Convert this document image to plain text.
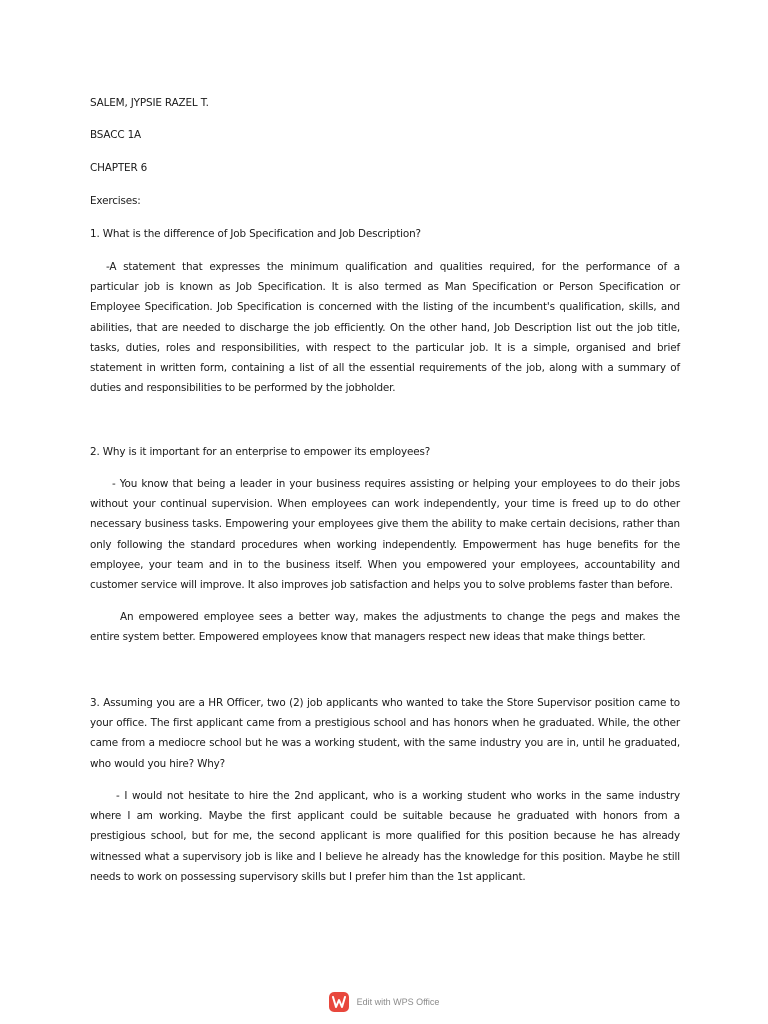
SALEM, JYPSIE RAZEL T.
BSACC 1A
CHAPTER 6
Exercises:
1. What is the difference of Job Specification and Job Description?
-A statement that expresses the minimum qualification and qualities required, for the performance of a particular job is known as Job Specification. It is also termed as Man Specification or Person Specification or Employee Specification. Job Specification is concerned with the listing of the incumbent's qualification, skills, and abilities, that are needed to discharge the job efficiently. On the other hand, Job Description list out the job title, tasks, duties, roles and responsibilities, with respect to the particular job. It is a simple, organised and brief statement in written form, containing a list of all the essential requirements of the job, along with a summary of duties and responsibilities to be performed by the jobholder.
2. Why is it important for an enterprise to empower its employees?
- You know that being a leader in your business requires assisting or helping your employees to do their jobs without your continual supervision. When employees can work independently, your time is freed up to do other necessary business tasks. Empowering your employees give them the ability to make certain decisions, rather than only following the standard procedures when working independently. Empowerment has huge benefits for the employee, your team and in to the business itself. When you empowered your employees, accountability and customer service will improve. It also improves job satisfaction and helps you to solve problems faster than before.
An empowered employee sees a better way, makes the adjustments to change the pegs and makes the entire system better. Empowered employees know that managers respect new ideas that make things better.
3. Assuming you are a HR Officer, two (2) job applicants who wanted to take the Store Supervisor position came to your office. The first applicant came from a prestigious school and has honors when he graduated. While, the other came from a mediocre school but he was a working student, with the same industry you are in, until he graduated, who would you hire? Why?
- I would not hesitate to hire the 2nd applicant, who is a working student who works in the same industry where I am working. Maybe the first applicant could be suitable because he graduated with honors from a prestigious school, but for me, the second applicant is more qualified for this position because he has already witnessed what a supervisory job is like and I believe he already has the knowledge for this position. Maybe he still needs to work on possessing supervisory skills but I prefer him than the 1st applicant.
Edit with WPS Office
